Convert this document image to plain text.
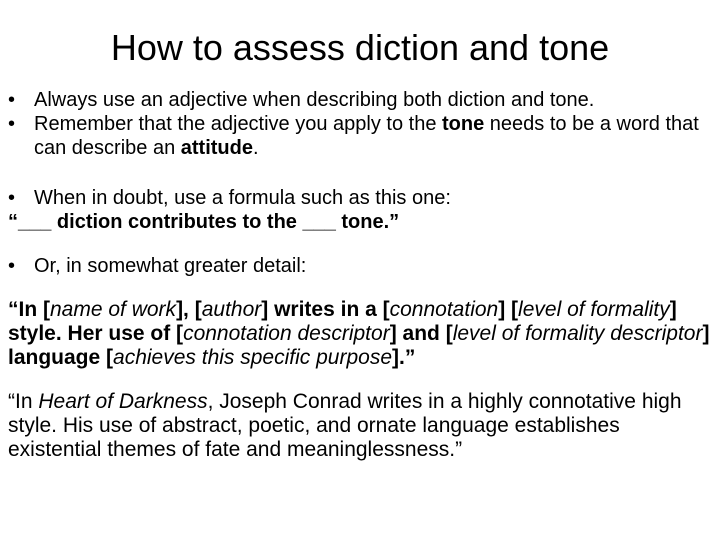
How to assess diction and tone
• Always use an adjective when describing both diction and tone.
• Remember that the adjective you apply to the tone needs to be a word that can describe an attitude.
• When in doubt, use a formula such as this one:

“___ diction contributes to the ___ tone.”

• Or, in somewhat greater detail:

“In [name of work], [author] writes in a [connotation] [level of formality] style. Her use of [connotation descriptor] and [level of formality descriptor] language [achieves this specific purpose].”

“In Heart of Darkness, Joseph Conrad writes in a highly connotative high style. His use of abstract, poetic, and ornate language establishes existential themes of fate and meaninglessness.”
